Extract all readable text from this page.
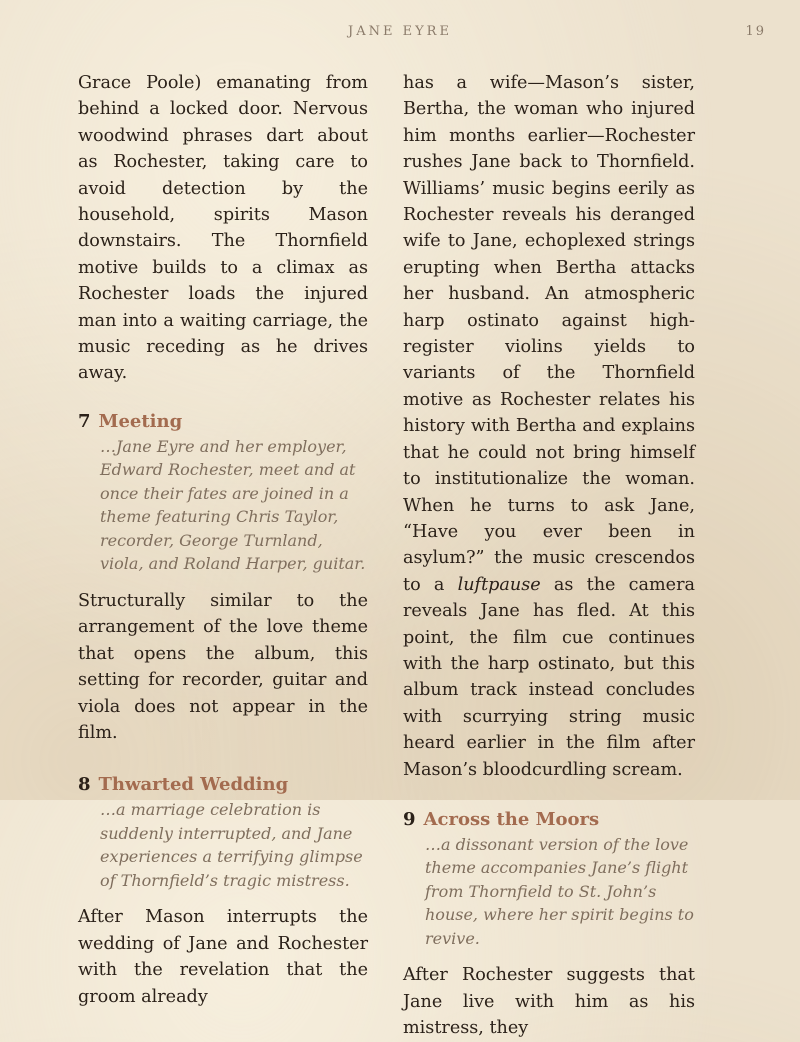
JANE EYRE	19

Grace Poole) emanating from behind a locked door. Nervous woodwind phrases dart about as Rochester, taking care to avoid detection by the household, spirits Mason downstairs. The Thornfield motive builds to a climax as Rochester loads the injured man into a waiting carriage, the music receding as he drives away.

7 Meeting
…Jane Eyre and her employer, Edward Rochester, meet and at once their fates are joined in a theme featuring Chris Taylor, recorder, George Turnland, viola, and Roland Harper, guitar.

Structurally similar to the arrangement of the love theme that opens the album, this setting for recorder, guitar and viola does not appear in the film.

8 Thwarted Wedding
…a marriage celebration is suddenly interrupted, and Jane experiences a terrifying glimpse of Thornfield’s tragic mistress.

After Mason interrupts the wedding of Jane and Rochester with the revelation that the groom already

has a wife—Mason’s sister, Bertha, the woman who injured him months earlier—Rochester rushes Jane back to Thornfield. Williams’ music begins eerily as Rochester reveals his deranged wife to Jane, echoplexed strings erupting when Bertha attacks her husband. An atmospheric harp ostinato against high-register violins yields to variants of the Thornfield motive as Rochester relates his history with Bertha and explains that he could not bring himself to institutionalize the woman. When he turns to ask Jane, “Have you ever been in asylum?” the music crescendos to a luftpause as the camera reveals Jane has fled. At this point, the film cue continues with the harp ostinato, but this album track instead concludes with scurrying string music heard earlier in the film after Mason’s bloodcurdling scream.

9 Across the Moors
…a dissonant version of the love theme accompanies Jane’s flight from Thornfield to St. John’s house, where her spirit begins to revive.

After Rochester suggests that Jane live with him as his mistress, they
